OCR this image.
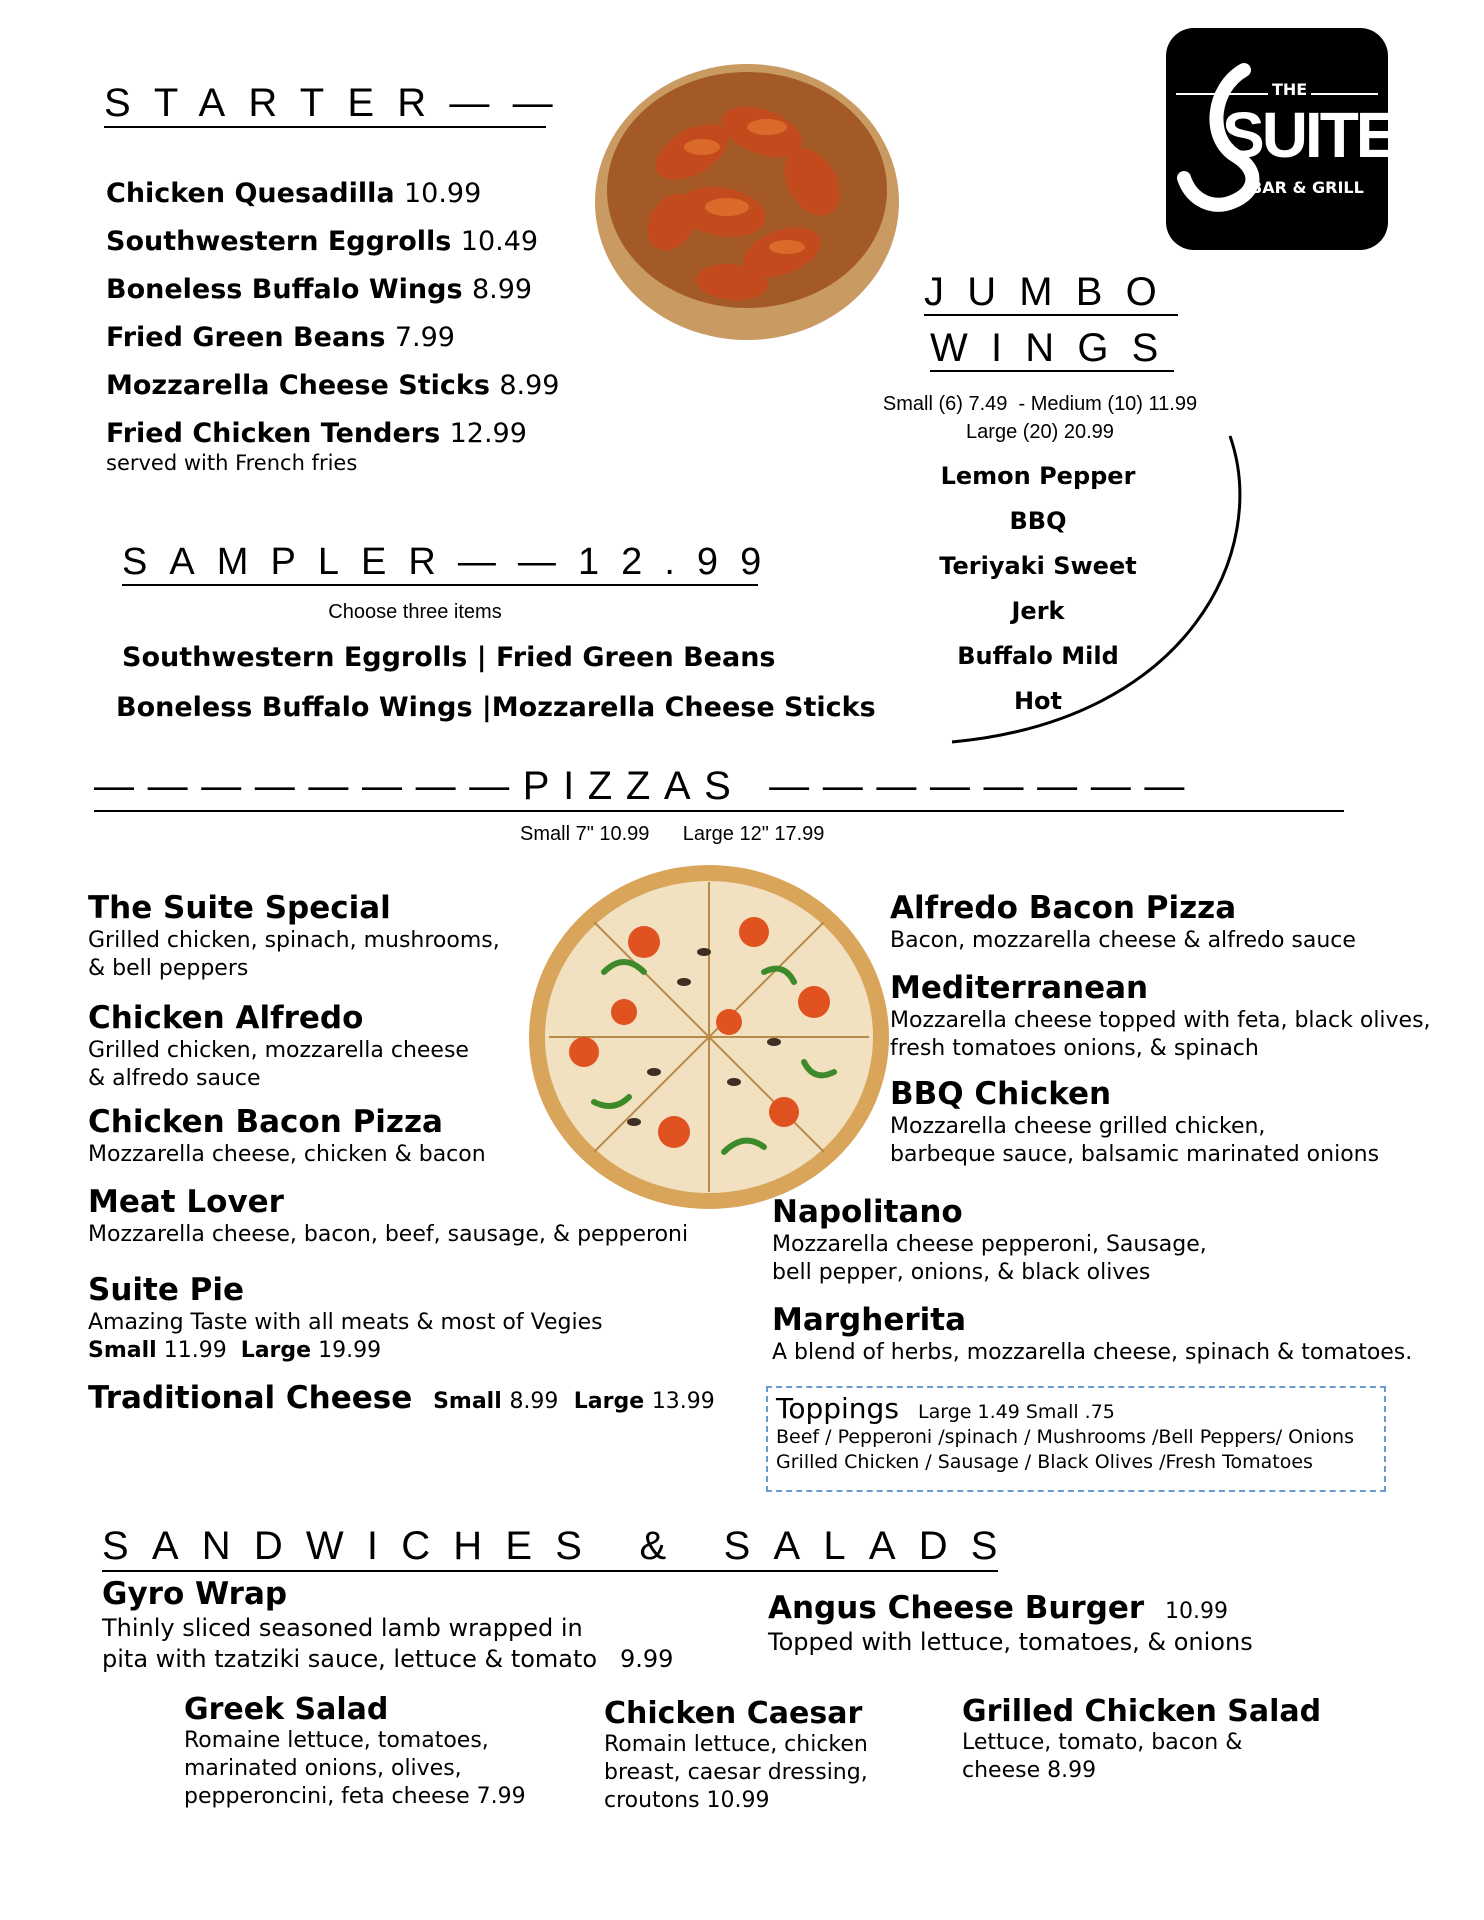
THE
SUITE
BAR & GRILL
STARTER——
Chicken Quesadilla 10.99
Southwestern Eggrolls 10.49
Boneless Buffalo Wings 8.99
Fried Green Beans 7.99
Mozzarella Cheese Sticks 8.99
Fried Chicken Tenders 12.99
served with French fries
SAMPLER——12.99
Choose three items
Southwestern Eggrolls | Fried Green Beans
Boneless Buffalo Wings |Mozzarella Cheese Sticks
JUMBO
WINGS
Small (6) 7.49  - Medium (10) 11.99
Large (20) 20.99
Lemon Pepper
BBQ
Teriyaki Sweet
Jerk
Buffalo Mild
Hot
————————PIZZAS ————————
Small 7" 10.99      Large 12" 17.99
The Suite Special
Grilled chicken, spinach, mushrooms,
& bell peppers
Chicken Alfredo
Grilled chicken, mozzarella cheese
& alfredo sauce
Chicken Bacon Pizza
Mozzarella cheese, chicken & bacon
Meat Lover
Mozzarella cheese, bacon, beef, sausage, & pepperoni
Suite Pie
Amazing Taste with all meats & most of Vegies
Small 11.99 Large 19.99
Traditional Cheese Small 8.99 Large 13.99
Alfredo Bacon Pizza
Bacon, mozzarella cheese & alfredo sauce
Mediterranean
Mozzarella cheese topped with feta, black olives,
fresh tomatoes onions, & spinach
BBQ Chicken
Mozzarella cheese grilled chicken,
barbeque sauce, balsamic marinated onions
Napolitano
Mozzarella cheese pepperoni, Sausage,
bell pepper, onions, & black olives
Margherita
A blend of herbs, mozzarella cheese, spinach & tomatoes.
Toppings Large 1.49 Small .75
Beef / Pepperoni /spinach / Mushrooms /Bell Peppers/ Onions
Grilled Chicken / Sausage / Black Olives /Fresh Tomatoes
SANDWICHES & SALADS
Gyro Wrap
Thinly sliced seasoned lamb wrapped in
pita with tzatziki sauce, lettuce & tomato 9.99
Angus Cheese Burger 10.99
Topped with lettuce, tomatoes, & onions
Greek Salad
Romaine lettuce, tomatoes,
marinated onions, olives,
pepperoncini, feta cheese 7.99
Chicken Caesar
Romain lettuce, chicken
breast, caesar dressing,
croutons 10.99
Grilled Chicken Salad
Lettuce, tomato, bacon &
cheese 8.99
